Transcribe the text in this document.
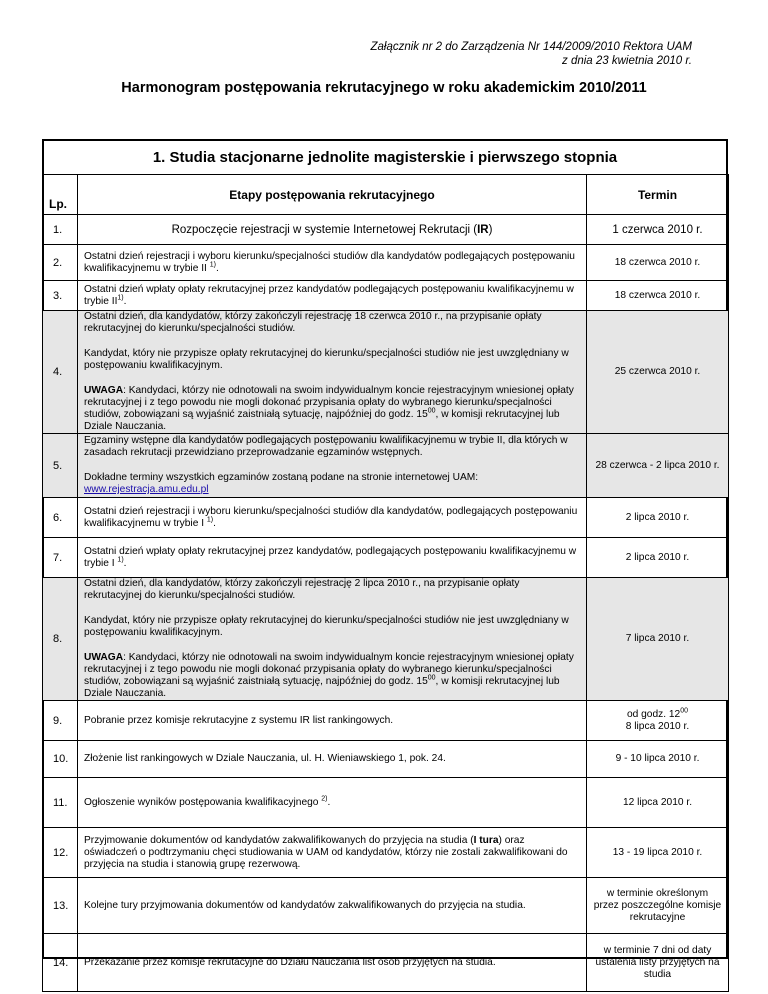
Załącznik nr 2 do Zarządzenia Nr 144/2009/2010 Rektora UAM
z dnia 23 kwietnia 2010 r.
Harmonogram postępowania rekrutacyjnego w roku akademickim 2010/2011
1. Studia stacjonarne jednolite magisterskie i pierwszego stopnia
Lp.	Etapy postępowania rekrutacyjnego	Termin
1.	Rozpoczęcie rejestracji w systemie Internetowej Rekrutacji (IR)	1 czerwca 2010 r.
2.	Ostatni dzień rejestracji i wyboru kierunku/specjalności studiów dla kandydatów podlegających postępowaniu kwalifikacyjnemu w trybie II $^{1)}$.	18 czerwca 2010 r.
3.	Ostatni dzień wpłaty opłaty rekrutacyjnej przez kandydatów podlegających postępowaniu kwalifikacyjnemu w trybie II$^{1)}$.	18 czerwca 2010 r.
4.	Ostatni dzień, dla kandydatów, którzy zakończyli rejestrację 18 czerwca 2010 r., na przypisanie opłaty rekrutacyjnej do kierunku/specjalności studiów.
Kandydat, który nie przypisze opłaty rekrutacyjnej do kierunku/specjalności studiów nie jest uwzględniany w postępowaniu kwalifikacyjnym.
UWAGA: Kandydaci, którzy nie odnotowali na swoim indywidualnym koncie rejestracyjnym wniesionej opłaty rekrutacyjnej i z tego powodu nie mogli dokonać przypisania opłaty do wybranego kierunku/specjalności studiów, zobowiązani są wyjaśnić zaistniałą sytuację, najpóźniej do godz. $15^{00}$, w komisji rekrutacyjnej lub Dziale Nauczania.	25 czerwca 2010 r.
5.	Egzaminy wstępne dla kandydatów podlegających postępowaniu kwalifikacyjnemu w trybie II, dla których w zasadach rekrutacji przewidziano przeprowadzanie egzaminów wstępnych.
Dokładne terminy wszystkich egzaminów zostaną podane na stronie internetowej UAM:
www.rejestracja.amu.edu.pl	28 czerwca - 2 lipca 2010 r.
6.	Ostatni dzień rejestracji i wyboru kierunku/specjalności studiów dla kandydatów, podlegających postępowaniu kwalifikacyjnemu w trybie I $^{1)}$.	2 lipca 2010 r.
7.	Ostatni dzień wpłaty opłaty rekrutacyjnej przez kandydatów, podlegających postępowaniu kwalifikacyjnemu w trybie I $^{1)}$.	2 lipca 2010 r.
8.	Ostatni dzień, dla kandydatów, którzy zakończyli rejestrację 2 lipca 2010 r., na przypisanie opłaty rekrutacyjnej do kierunku/specjalności studiów.
Kandydat, który nie przypisze opłaty rekrutacyjnej do kierunku/specjalności studiów nie jest uwzględniany w postępowaniu kwalifikacyjnym.
UWAGA: Kandydaci, którzy nie odnotowali na swoim indywidualnym koncie rejestracyjnym wniesionej opłaty rekrutacyjnej i z tego powodu nie mogli dokonać przypisania opłaty do wybranego kierunku/specjalności studiów, zobowiązani są wyjaśnić zaistniałą sytuację, najpóźniej do godz. $15^{00}$, w komisji rekrutacyjnej lub Dziale Nauczania.	7 lipca 2010 r.
9.	Pobranie przez komisje rekrutacyjne z systemu IR list rankingowych.	od godz. $12^{00}$
8 lipca 2010 r.
10.	Złożenie list rankingowych w Dziale Nauczania, ul. H. Wieniawskiego 1, pok. 24.	9 - 10 lipca 2010 r.
11.	Ogłoszenie wyników postępowania kwalifikacyjnego $^{2)}$.	12 lipca 2010 r.
12.	Przyjmowanie dokumentów od kandydatów zakwalifikowanych do przyjęcia na studia (I tura) oraz oświadczeń o podtrzymaniu chęci studiowania w UAM od kandydatów, którzy nie zostali zakwalifikowani do przyjęcia na studia i stanowią grupę rezerwową.	13 - 19 lipca 2010 r.
13.	Kolejne tury przyjmowania dokumentów od kandydatów zakwalifikowanych do przyjęcia na studia.	w terminie określonym przez poszczególne komisje rekrutacyjne
14.	Przekazanie przez komisje rekrutacyjne do Działu Nauczania list osób przyjętych na studia.	w terminie 7 dni od daty ustalenia listy przyjętych na studia
